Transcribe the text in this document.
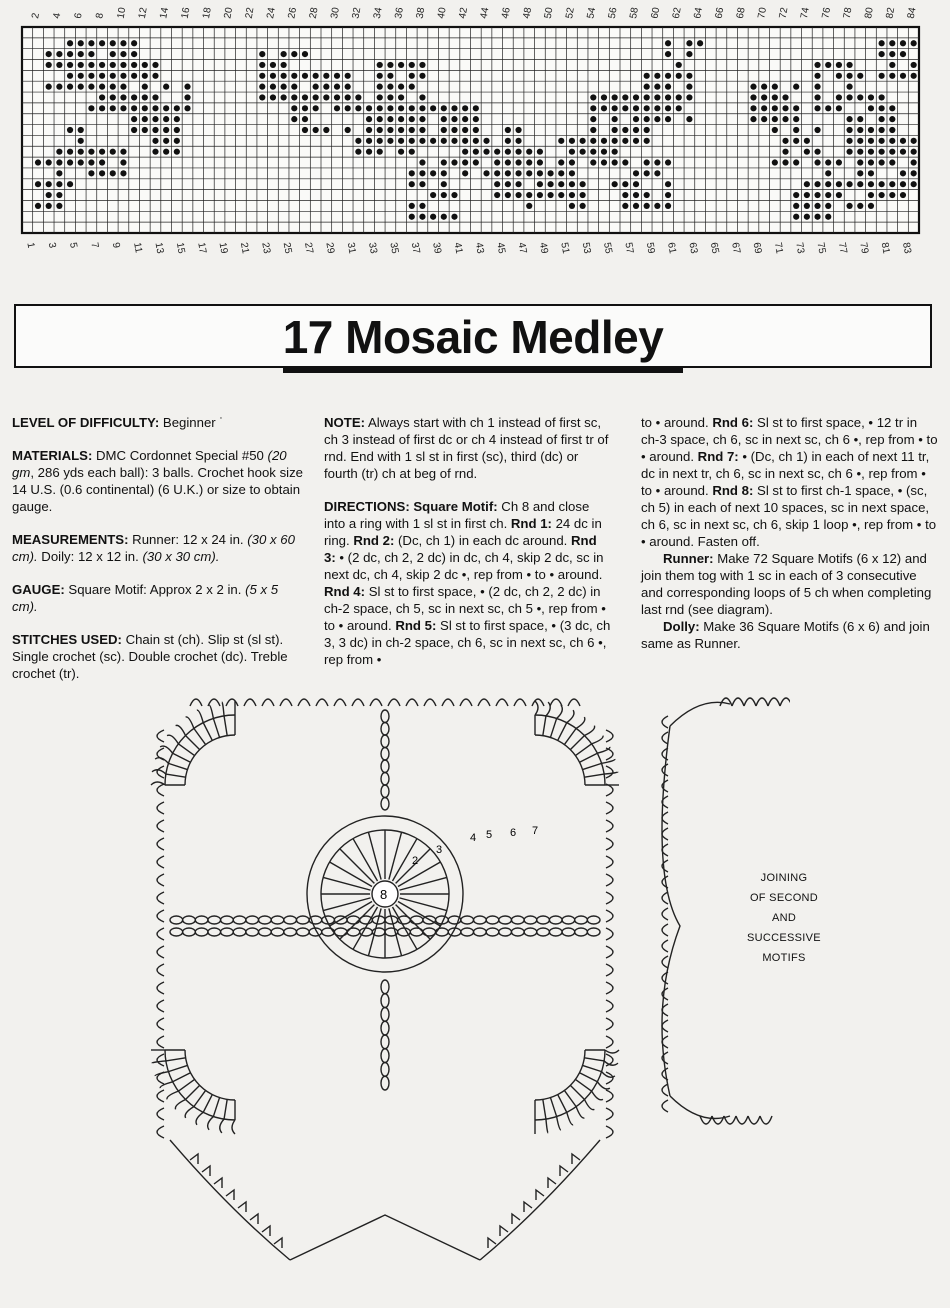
2 4 6 8 10 12 14 16 18 20 22 24 26 28 30 32 34 36 38 40 42 44 46 48 50 52 54 56 58 60 62 64 66 68 70 72 74 76 78 80 82 84
1 3 5 7 9 11 13 15 17 19 21 23 25 27 29 31 33 35 37 39 41 43 45 47 49 51 53 55 57 59 61 63 65 67 69 71 73 75 77 79 81 83
17 Mosaic Medley

LEVEL OF DIFFICULTY: Beginner ˙

MATERIALS: DMC Cordonnet Special #50 (20 gm, 286 yds each ball): 3 balls. Crochet hook size 14 U.S. (0.6 continental) (6 U.K.) or size to obtain gauge.

MEASUREMENTS: Runner: 12 x 24 in. (30 x 60 cm). Doily: 12 x 12 in. (30 x 30 cm).

GAUGE: Square Motif: Approx 2 x 2 in. (5 x 5 cm).

STITCHES USED: Chain st (ch). Slip st (sl st). Single crochet (sc). Double crochet (dc). Treble crochet (tr).

NOTE: Always start with ch 1 instead of first sc, ch 3 instead of first dc or ch 4 instead of first tr of rnd. End with 1 sl st in first (sc), third (dc) or fourth (tr) ch at beg of rnd.

DIRECTIONS: Square Motif: Ch 8 and close into a ring with 1 sl st in first ch. Rnd 1: 24 dc in ring. Rnd 2: (Dc, ch 1) in each dc around. Rnd 3: • (2 dc, ch 2, 2 dc) in dc, ch 4, skip 2 dc, sc in next dc, ch 4, skip 2 dc •, rep from • to • around. Rnd 4: Sl st to first space, • (2 dc, ch 2, 2 dc) in ch-2 space, ch 5, sc in next sc, ch 5 •, rep from • to • around. Rnd 5: Sl st to first space, • (3 dc, ch 3, 3 dc) in ch-2 space, ch 6, sc in next sc, ch 6 •, rep from •

to • around. Rnd 6: Sl st to first space, • 12 tr in ch-3 space, ch 6, sc in next sc, ch 6 •, rep from • to • around. Rnd 7: • (Dc, ch 1) in each of next 11 tr, dc in next tr, ch 6, sc in next sc, ch 6 •, rep from • to • around. Rnd 8: Sl st to first ch-1 space, • (sc, ch 5) in each of next 10 spaces, sc in next space, ch 6, sc in next sc, ch 6, skip 1 loop •, rep from • to • around. Fasten off.

Runner: Make 72 Square Motifs (6 x 12) and join them tog with 1 sc in each of 3 consecutive and corresponding loops of 5 ch when completing last rnd (see diagram).

Dolly: Make 36 Square Motifs (6 x 6) and join same as Runner.

8
2
3
4 5 6 7
JOINING
OF SECOND
AND
SUCCESSIVE
MOTIFS
